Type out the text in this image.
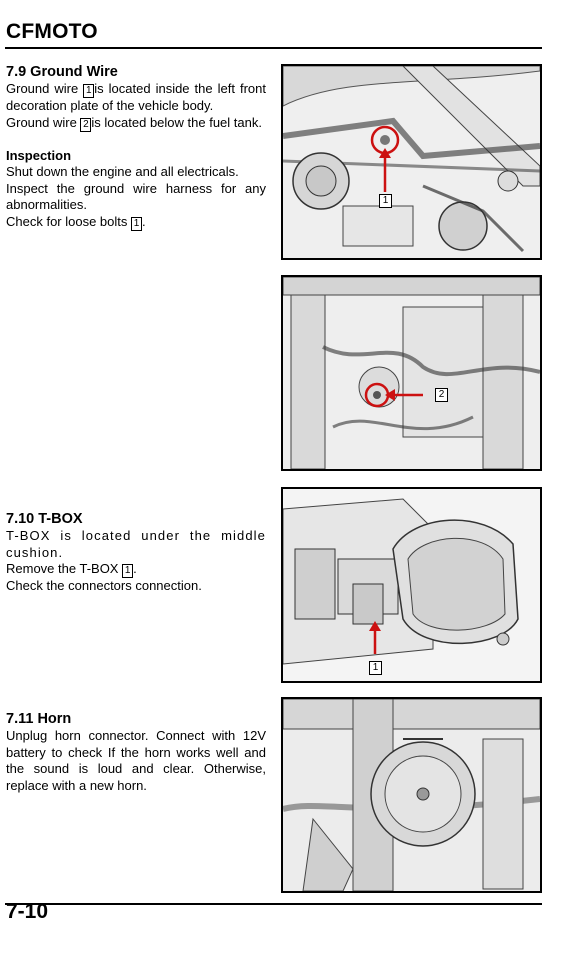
CFMOTO
7.9 Ground Wire

Ground wire 1 is located inside the left front decoration plate of the vehicle body.

Ground wire 2 is located below the fuel tank.

Inspection

Shut down the engine and all electricals.

Inspect the ground wire harness for any abnormalities.

Check for loose bolts 1 .

7.10 T-BOX

T-BOX is located under the middle cushion.

Remove the T-BOX 1 .

Check the connectors connection.

7.11 Horn

Unplug horn connector. Connect with 12V battery to check If the horn works well and the sound is loud and clear. Otherwise, replace with a new horn.

1
2
1
7-10
